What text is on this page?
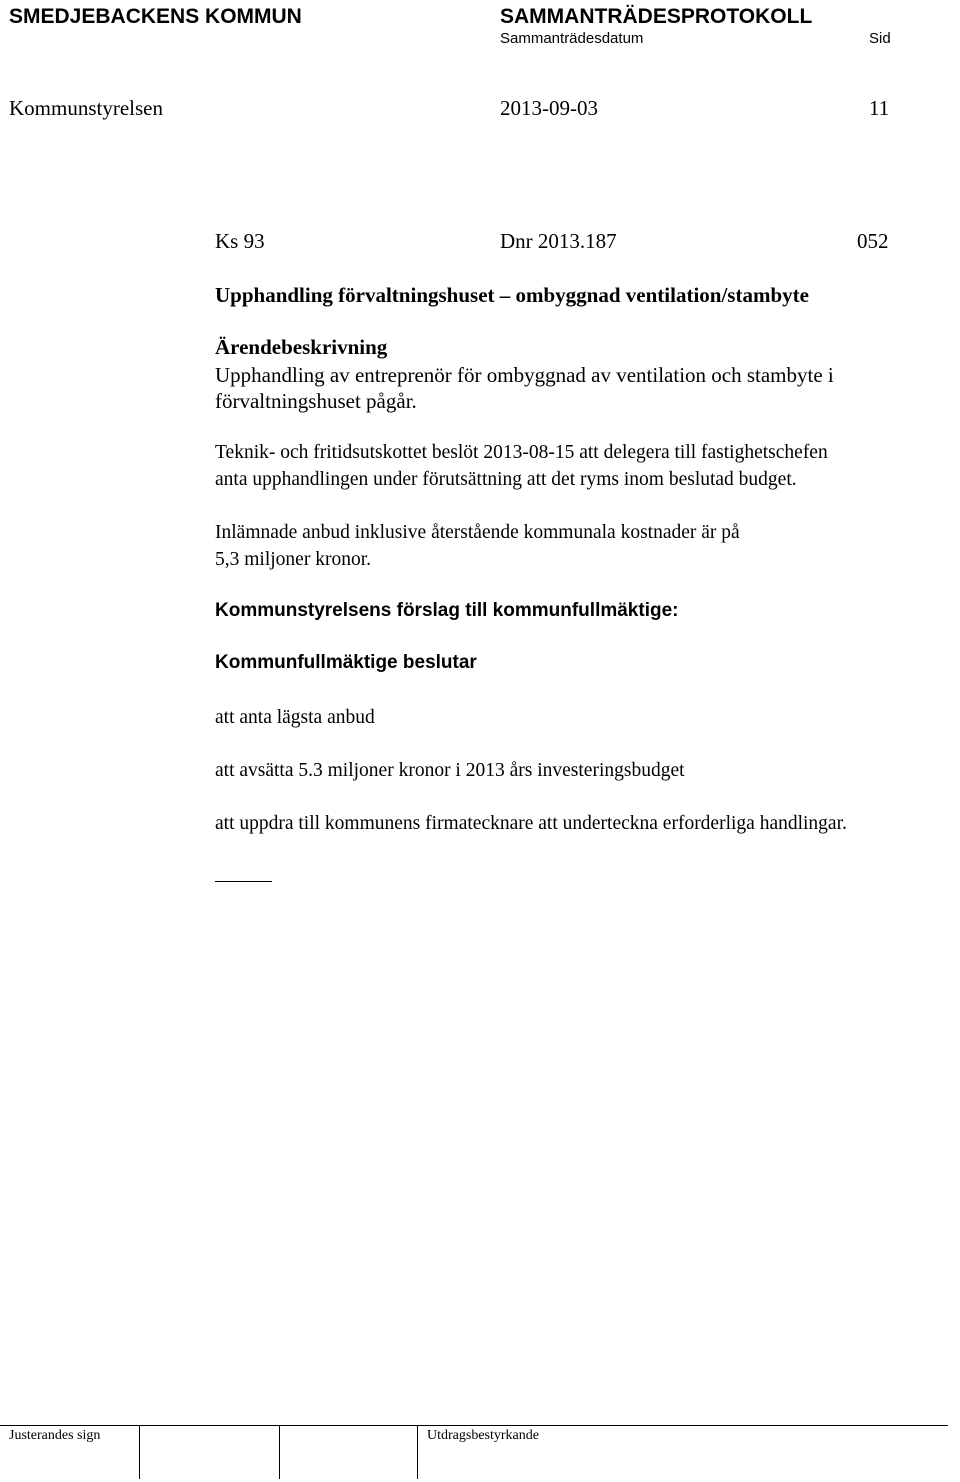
SMEDJEBACKENS KOMMUN	SAMMANTRÄDESPROTOKOLL
Sammanträdesdatum	Sid
Kommunstyrelsen	2013-09-03	11
Ks 93	Dnr 2013.187	052
Upphandling förvaltningshuset – ombyggnad ventilation/stambyte
Ärendebeskrivning
Upphandling av entreprenör för ombyggnad av ventilation och stambyte i
förvaltningshuset pågår.
Teknik- och fritidsutskottet beslöt 2013-08-15 att delegera till fastighetschefen
anta upphandlingen under förutsättning att det ryms inom beslutad budget.
Inlämnade anbud inklusive återstående kommunala kostnader är på
5,3 miljoner kronor.
Kommunstyrelsens förslag till kommunfullmäktige:
Kommunfullmäktige beslutar
att anta lägsta anbud
att avsätta 5.3 miljoner kronor i 2013 års investeringsbudget
att uppdra till kommunens firmatecknare att underteckna erforderliga handlingar.
Justerandes sign	Utdragsbestyrkande
